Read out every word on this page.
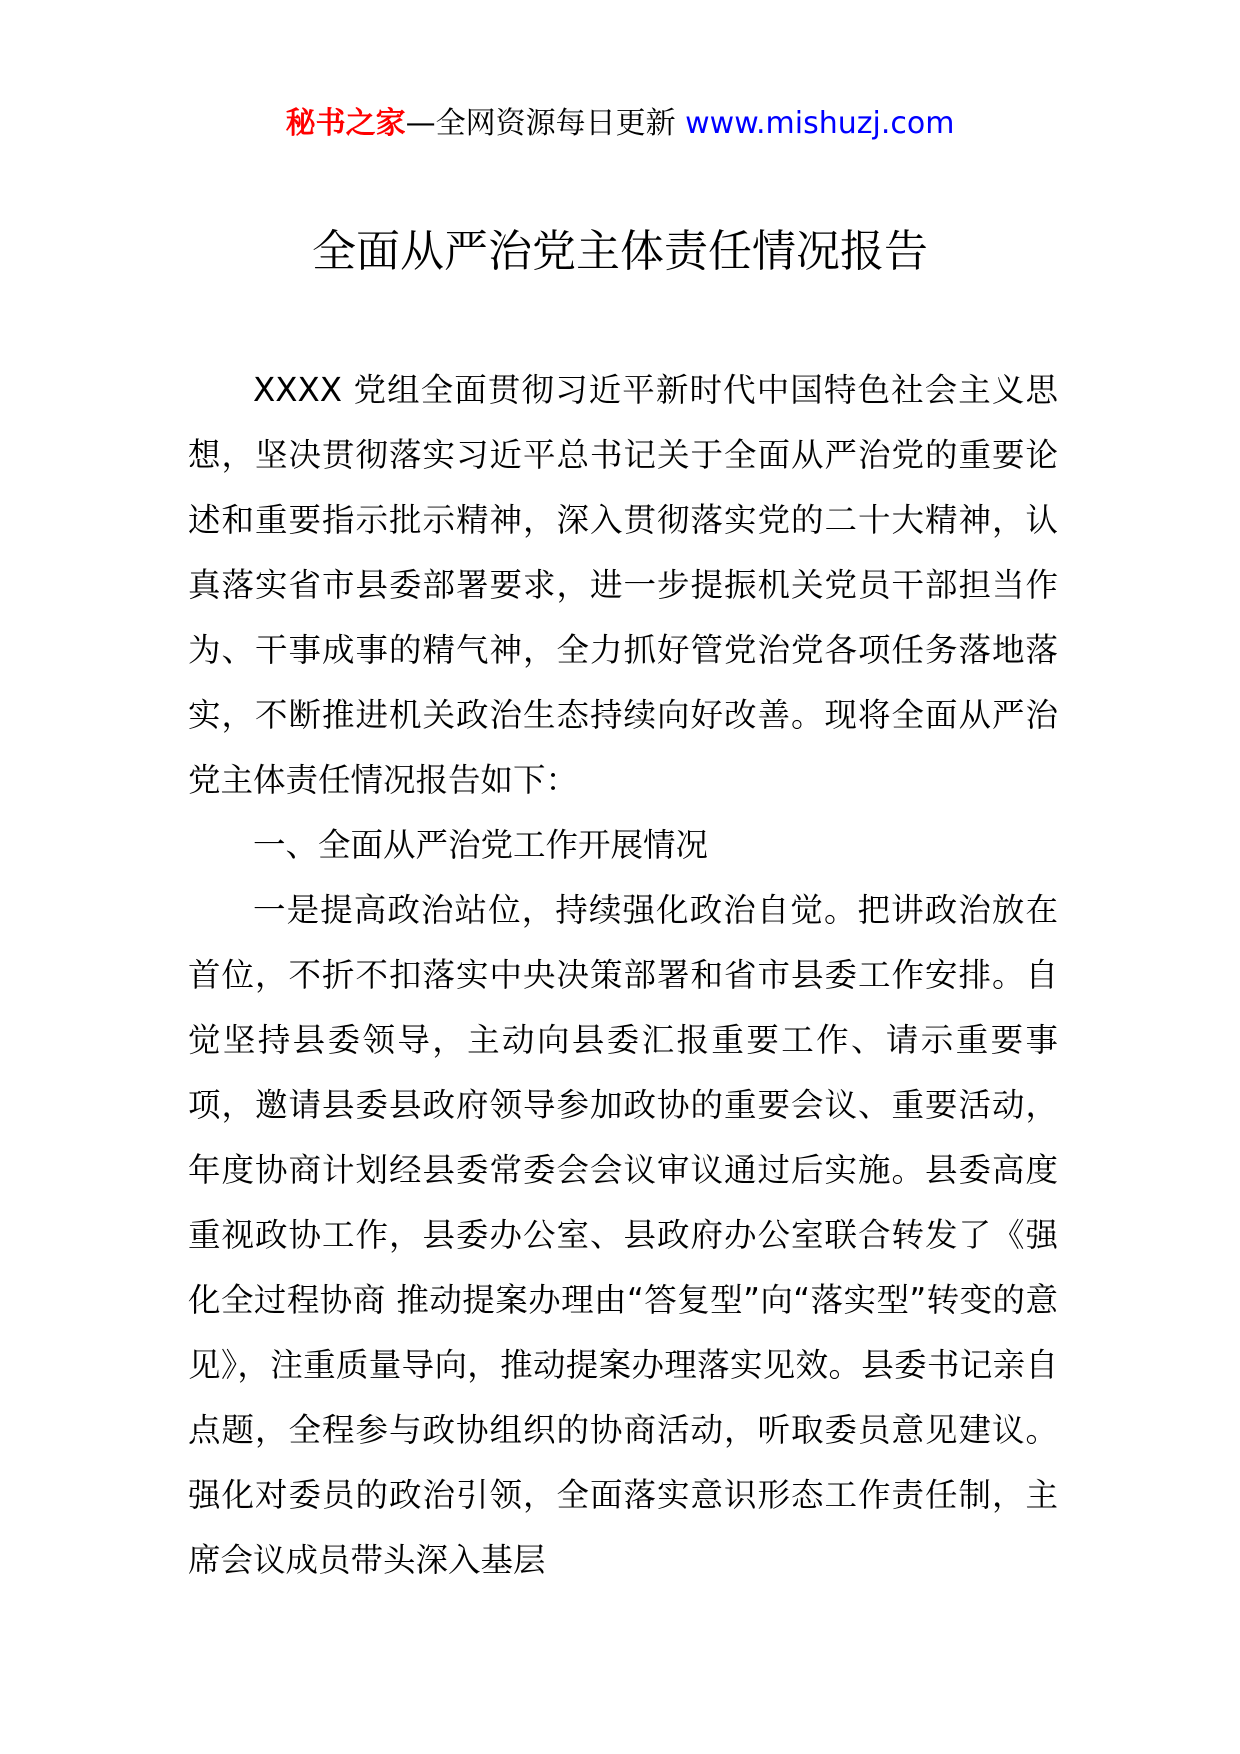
秘书之家—全网资源每日更新 www.mishuzj.com
全面从严治党主体责任情况报告

XXXX 党组全面贯彻习近平新时代中国特色社会主义思想，坚决贯彻落实习近平总书记关于全面从严治党的重要论述和重要指示批示精神，深入贯彻落实党的二十大精神，认真落实省市县委部署要求，进一步提振机关党员干部担当作为、干事成事的精气神，全力抓好管党治党各项任务落地落实，不断推进机关政治生态持续向好改善。现将全面从严治党主体责任情况报告如下：

一、全面从严治党工作开展情况

一是提高政治站位，持续强化政治自觉。把讲政治放在首位，不折不扣落实中央决策部署和省市县委工作安排。自觉坚持县委领导，主动向县委汇报重要工作、请示重要事项，邀请县委县政府领导参加政协的重要会议、重要活动，年度协商计划经县委常委会会议审议通过后实施。县委高度重视政协工作，县委办公室、县政府办公室联合转发了《强化全过程协商 推动提案办理由“答复型”向“落实型”转变的意见》，注重质量导向，推动提案办理落实见效。县委书记亲自点题，全程参与政协组织的协商活动，听取委员意见建议。强化对委员的政治引领，全面落实意识形态工作责任制，主席会议成员带头深入基层
